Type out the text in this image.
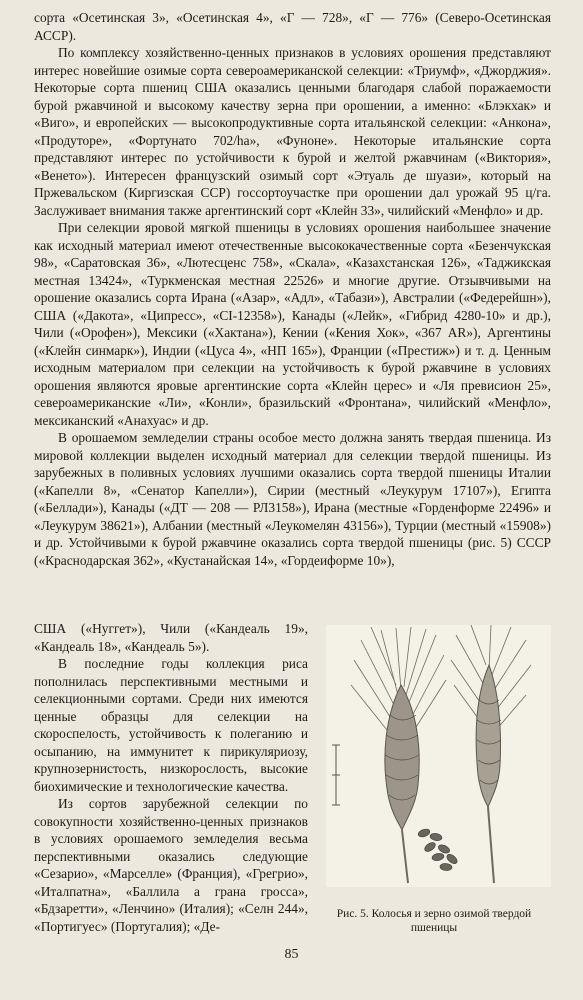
сорта «Осетинская 3», «Осетинская 4», «Г — 728», «Г — 776» (Северо-Осетинская АССР).

По комплексу хозяйственно-ценных признаков в условиях орошения представляют интерес новейшие озимые сорта североамериканской селекции: «Триумф», «Джорджия». Некоторые сорта пшениц США оказались ценными благодаря слабой поражаемости бурой ржавчиной и высокому качеству зерна при орошении, а именно: «Блэкхак» и «Виго», и европейских — высокопродуктивные сорта итальянской селекции: «Анкона», «Продуторе», «Фортунато 702/ha», «Фуноне». Некоторые итальянские сорта представляют интерес по устойчивости к бурой и желтой ржавчинам («Виктория», «Венето»). Интересен французский озимый сорт «Этуаль де шуази», который на Пржевальском (Киргизская ССР) госсортоучастке при орошении дал урожай 95 ц/га. Заслуживает внимания также аргентинский сорт «Клейн 33», чилийский «Менфло» и др.

При селекции яровой мягкой пшеницы в условиях орошения наибольшее значение как исходный материал имеют отечественные высококачественные сорта «Безенчукская 98», «Саратовская 36», «Лютесценс 758», «Скала», «Казахстанская 126», «Таджикская местная 13424», «Туркменская местная 22526» и многие другие. Отзывчивыми на орошение оказались сорта Ирана («Азар», «Адл», «Табази»), Австралии («Федерейшн»), США («Дакота», «Ципресс», «CI-12358»), Канады («Лейк», «Гибрид 4280-10» и др.), Чили («Орофен»), Мексики («Хактана»), Кении («Кения Хок», «367 AR»), Аргентины («Клейн синмарк»), Индии («Цуса 4», «НП 165»), Франции («Престиж») и т. д. Ценным исходным материалом при селекции на устойчивость к бурой ржавчине в условиях орошения являются яровые аргентинские сорта «Клейн церес» и «Ля превисион 25», североамериканские «Ли», «Конли», бразильский «Фронтана», чилийский «Менфло», мексиканский «Анахуас» и др.

В орошаемом земледелии страны особое место должна занять твердая пшеница. Из мировой коллекции выделен исходный материал для селекции твердой пшеницы. Из зарубежных в поливных условиях лучшими оказались сорта твердой пшеницы Италии («Капелли 8», «Сенатор Капелли»), Сирии (местный «Леукурум 17107»), Египта («Беллади»), Канады («ДТ — 208 — РЛ3158»), Ирана (местные «Горденформе 22496» и «Леукурум 38621»), Албании (местный «Леукомелян 43156»), Турции (местный «15908») и др. Устойчивыми к бурой ржавчине оказались сорта твердой пшеницы (рис. 5) СССР («Краснодарская 362», «Кустанайская 14», «Гордеиформе 10»),

США («Нуггет»), Чили («Кандеаль 19», «Кандеаль 18», «Кандеаль 5»).

В последние годы коллекция риса пополнилась перспективными местными и селекционными сортами. Среди них имеются ценные образцы для селекции на скороспелость, устойчивость к полеганию и осыпанию, на иммунитет к пирикуляриозу, крупнозернистость, низкорослость, высокие биохимические и технологические качества.

Из сортов зарубежной селекции по совокупности хозяйственно-ценных признаков в условиях орошаемого земледелия весьма перспективными оказались следующие «Сезарио», «Марселле» (Франция), «Грегрио», «Италпатна», «Баллила а грана гросса», «Бдзаретти», «Ленчино» (Италия); «Селн 244», «Портигуес» (Португалия); «Де-

Рис. 5. Колосья и зерно озимой твердой пшеницы
85
